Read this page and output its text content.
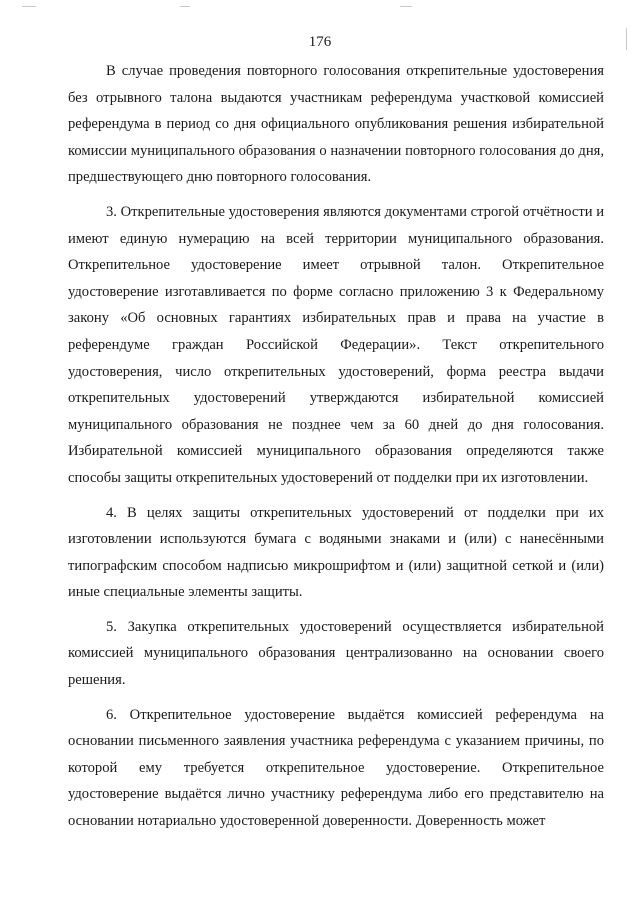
176

В случае проведения повторного голосования открепительные удостоверения без отрывного талона выдаются участникам референдума участковой комиссией референдума в период со дня официального опубликования решения избирательной комиссии муниципального образования о назначении повторного голосования до дня, предшествующего дню повторного голосования.

3. Открепительные удостоверения являются документами строгой отчётности и имеют единую нумерацию на всей территории муниципального образования. Открепительное удостоверение имеет отрывной талон. Открепительное удостоверение изготавливается по форме согласно приложению 3 к Федеральному закону «Об основных гарантиях избирательных прав и права на участие в референдуме граждан Российской Федерации». Текст открепительного удостоверения, число открепительных удостоверений, форма реестра выдачи открепительных удостоверений утверждаются избирательной комиссией муниципального образования не позднее чем за 60 дней до дня голосования. Избирательной комиссией муниципального образования определяются также способы защиты открепительных удостоверений от подделки при их изготовлении.

4. В целях защиты открепительных удостоверений от подделки при их изготовлении используются бумага с водяными знаками и (или) с нанесёнными типографским способом надписью микрошрифтом и (или) защитной сеткой и (или) иные специальные элементы защиты.

5. Закупка открепительных удостоверений осуществляется избирательной комиссией муниципального образования централизованно на основании своего решения.

6. Открепительное удостоверение выдаётся комиссией референдума на основании письменного заявления участника референдума с указанием причины, по которой ему требуется открепительное удостоверение. Открепительное удостоверение выдаётся лично участнику референдума либо его представителю на основании нотариально удостоверенной доверенности. Доверенность может
